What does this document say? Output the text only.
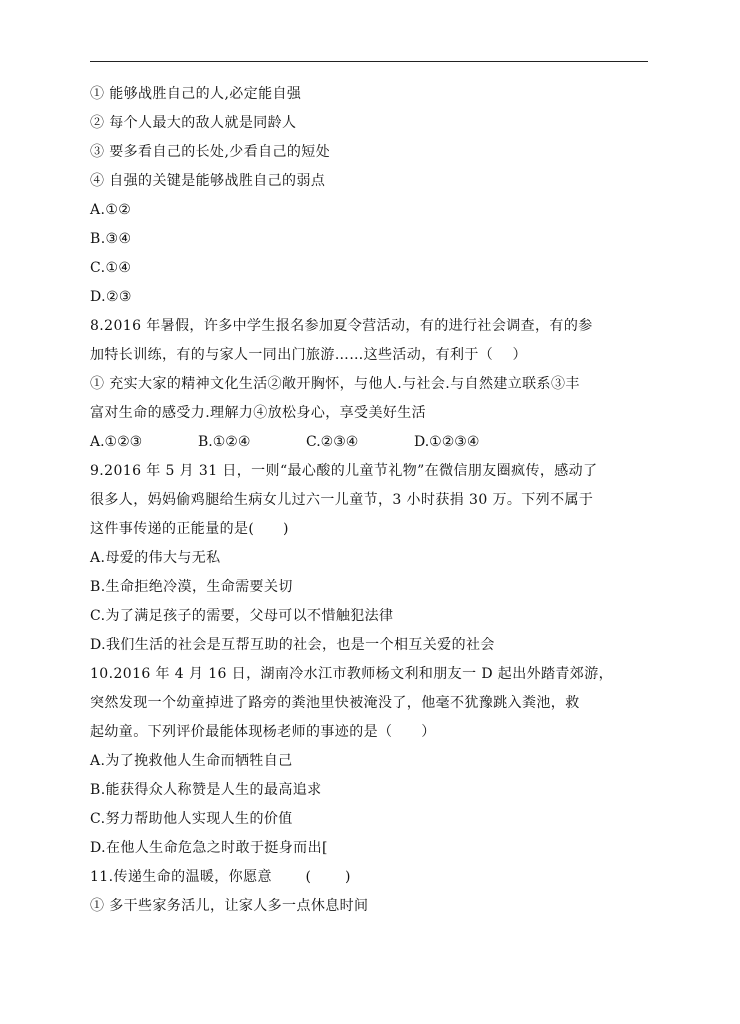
① 能够战胜自己的人,必定能自强
② 每个人最大的敌人就是同龄人
③ 要多看自己的长处,少看自己的短处
④ 自强的关键是能够战胜自己的弱点
A.①②
B.③④
C.①④
D.②③
8.2016 年暑假，许多中学生报名参加夏令营活动，有的进行社会调查，有的参
加特长训练，有的与家人一同出门旅游……这些活动，有利于（　 ）
① 充实大家的精神文化生活②敞开胸怀，与他人.与社会.与自然建立联系③丰
富对生命的感受力.理解力④放松身心，享受美好生活
A.①②③	B.①②④	C.②③④	D.①②③④
9.2016 年 5 月 31 日，一则“最心酸的儿童节礼物”在微信朋友圈疯传，感动了
很多人，妈妈偷鸡腿给生病女儿过六一儿童节，3 小时获捐 30 万。下列不属于
这件事传递的正能量的是(　　)
A.母爱的伟大与无私
B.生命拒绝冷漠，生命需要关切
C.为了满足孩子的需要，父母可以不惜触犯法律
D.我们生活的社会是互帮互助的社会，也是一个相互关爱的社会
10.2016 年 4 月 16 日，湖南冷水江市教师杨文利和朋友一 D 起出外踏青郊游，
突然发现一个幼童掉进了路旁的粪池里快被淹没了，他毫不犹豫跳入粪池，救
起幼童。下列评价最能体现杨老师的事迹的是（　　）
A.为了挽救他人生命而牺牲自己
B.能获得众人称赞是人生的最高追求
C.努力帮助他人实现人生的价值
D.在他人生命危急之时敢于挺身而出[
11.传递生命的温暖，你愿意　　 (　　 )
① 多干些家务活儿，让家人多一点休息时间
